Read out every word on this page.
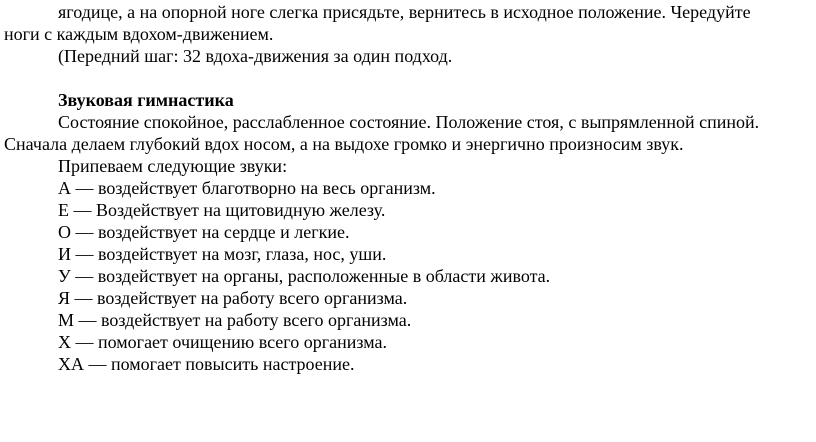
ягодице, а на опорной ноге слегка присядьте, вернитесь в исходное положение. Чередуйте
ноги с каждым вдохом-движением.
(Передний шаг: 32 вдоха-движения за один подход.
Звуковая гимнастика
Состояние спокойное, расслабленное состояние. Положение стоя, с выпрямленной спиной.
Сначала делаем глубокий вдох носом, а на выдохе громко и энергично произносим звук.
Припеваем следующие звуки:
А — воздействует благотворно на весь организм.
Е — Воздействует на щитовидную железу.
О — воздействует на сердце и легкие.
И — воздействует на мозг, глаза, нос, уши.
У — воздействует на органы, расположенные в области живота.
Я — воздействует на работу всего организма.
М — воздействует на работу всего организма.
Х — помогает очищению всего организма.
ХА — помогает повысить настроение.
